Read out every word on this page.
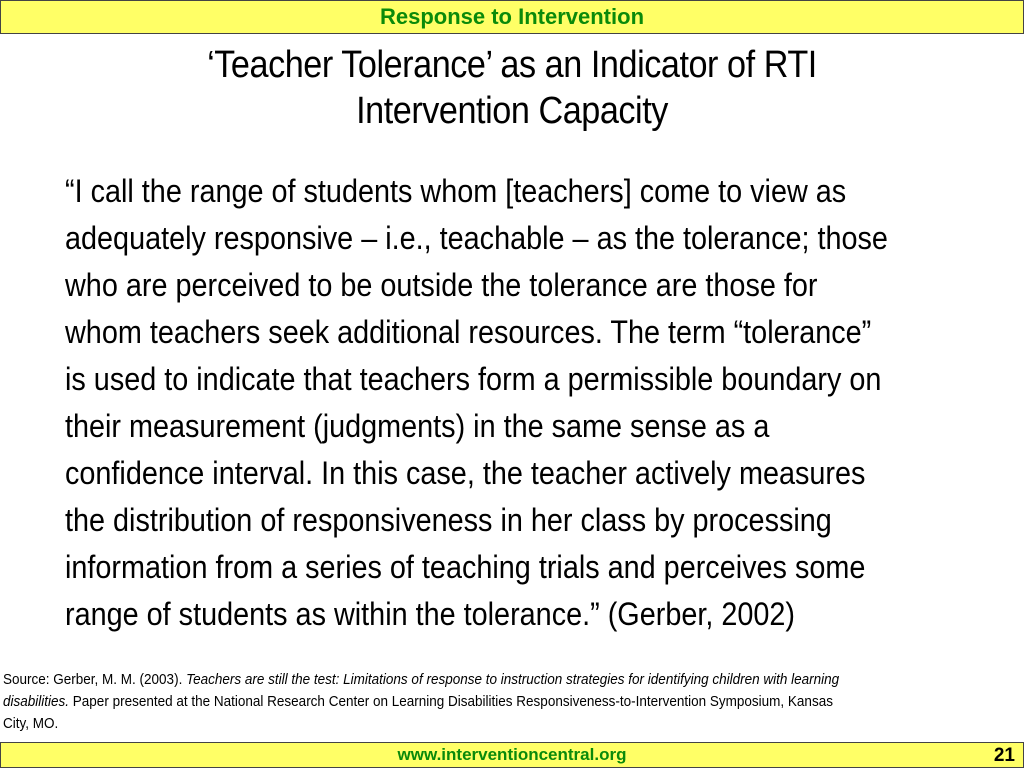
Response to Intervention
‘Teacher Tolerance’ as an Indicator of RTI
Intervention Capacity
“I call the range of students whom [teachers] come to view as
adequately responsive – i.e., teachable – as the tolerance; those
who are perceived to be outside the tolerance are those for
whom teachers seek additional resources. The term “tolerance”
is used to indicate that teachers form a permissible boundary on
their measurement (judgments) in the same sense as a
confidence interval. In this case, the teacher actively measures
the distribution of responsiveness in her class by processing
information from a series of teaching trials and perceives some
range of students as within the tolerance.” (Gerber, 2002)
Source: Gerber, M. M. (2003). Teachers are still the test: Limitations of response to instruction strategies for identifying children with learning
disabilities. Paper presented at the National Research Center on Learning Disabilities Responsiveness-to-Intervention Symposium, Kansas
City, MO.
www.interventioncentral.org	21
